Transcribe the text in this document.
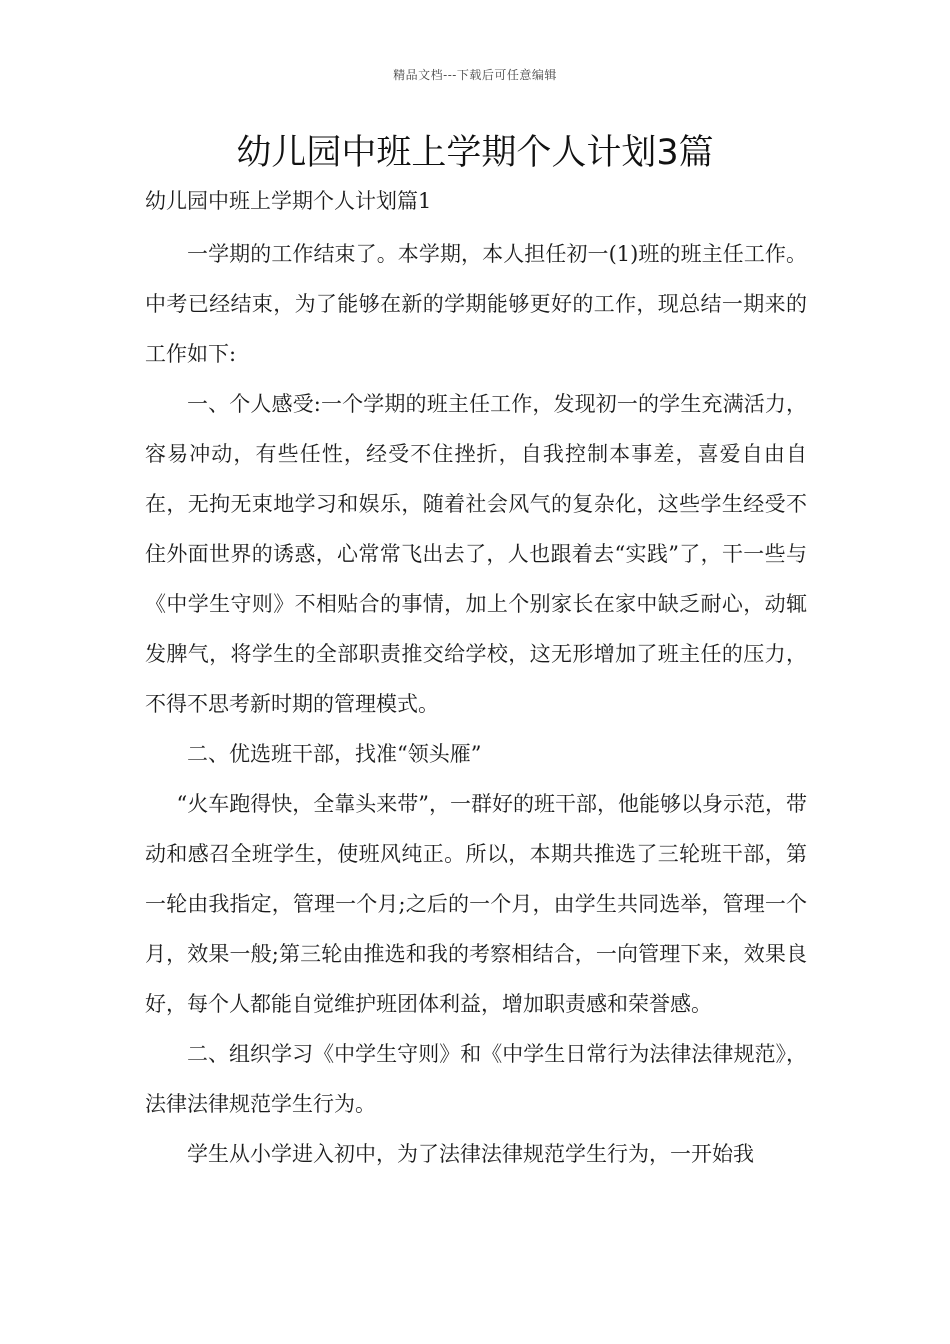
精品文档---下载后可任意编辑
幼儿园中班上学期个人计划3篇

幼儿园中班上学期个人计划篇1

一学期的工作结束了。本学期，本人担任初一(1)班的班主任工作。中考已经结束，为了能够在新的学期能够更好的工作，现总结一期来的工作如下:

一、个人感受:一个学期的班主任工作，发现初一的学生充满活力，容易冲动，有些任性，经受不住挫折，自我控制本事差，喜爱自由自在，无拘无束地学习和娱乐，随着社会风气的复杂化，这些学生经受不住外面世界的诱惑，心常常飞出去了，人也跟着去“实践”了，干一些与《中学生守则》不相贴合的事情，加上个别家长在家中缺乏耐心，动辄发脾气，将学生的全部职责推交给学校，这无形增加了班主任的压力，不得不思考新时期的管理模式。

二、优选班干部，找准“领头雁”

“火车跑得快，全靠头来带”，一群好的班干部，他能够以身示范，带动和感召全班学生，使班风纯正。所以，本期共推选了三轮班干部，第一轮由我指定，管理一个月;之后的一个月，由学生共同选举，管理一个月，效果一般;第三轮由推选和我的考察相结合，一向管理下来，效果良好，每个人都能自觉维护班团体利益，增加职责感和荣誉感。

二、组织学习《中学生守则》和《中学生日常行为法律法律规范》，法律法律规范学生行为。

学生从小学进入初中，为了法律法律规范学生行为，一开始我
